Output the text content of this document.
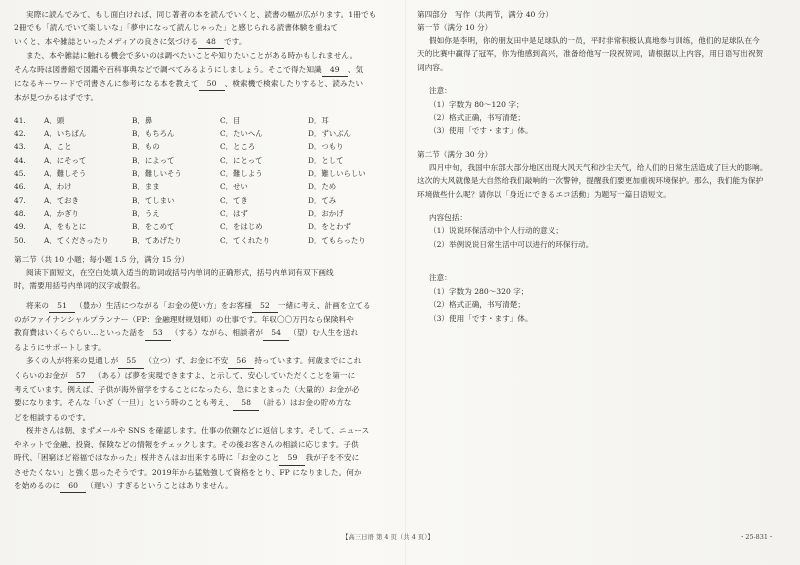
実際に読んでみて、もし面白ければ、同じ著者の本を読んでいくと、読書の幅が広がります。1冊でも

2冊でも「読んでいて楽しいな」「夢中になって読んじゃった」と感じられる読書体験を重ねて

いくと、本や雑誌といったメディアの良さに気づける 48 です。

また、本や雑誌に触れる機会で多いのは調べたいことや知りたいことがある時かもしれません。

そんな時は図書館で図鑑や百科事典などで調べてみるようにしましょう。そこで得た知識 49 、気

になるキーワードで司書さんに参考になる本を教えて 50 、検索機で検索したりすると、読みたい

本が見つかるはずです。

41.	A．頭	B．鼻	C．目	D．耳
42.	A．いちばん	B．もちろん	C．たいへん	D．ずいぶん
43.	A．こと	B．もの	C．ところ	D．つもり
44.	A．にそって	B．によって	C．にとって	D．として
45.	A．難しそう	B．難しいそう	C．難しよう	D．難しいらしい
46.	A．わけ	B．まま	C．せい	D．ため
47.	A．ておき	B．てしまい	C．てき	D．てみ
48.	A．かぎり	B．うえ	C．はず	D．おかげ
49.	A．をもとに	B．をこめて	C．をはじめ	D．をとわず
50.	A．てくださったり	B．てあげたり	C．てくれたり	D．てもらったり

第二节（共 10 小题；每小题 1.5 分，满分 15 分）

阅读下面短文，在空白处填入适当的助词或括号内单词的正确形式，括号内单词有双下画线

时，需要用括号内单词的汉字或假名。

将来の 51 （豊か）生活につながる「お金の使い方」をお客様 52 一緒に考え、計画を立てる

のがファイナンシャルプランナー（FP：金融理财规划师）の仕事です。年収〇〇万円なら保険料や

教育費はいくらぐらい…といった話を 53 （する）ながら、相談者が 54 （望）む人生を送れ

るようにサポートします。

多くの人が将来の見通しが 55 （立つ）ず、お金に不安 56 持っています。何歳までにこれ

くらいのお金が 57 （ある）ば夢を実現できますよ、と示して、安心していただくことを第一に

考えています。例えば、子供が海外留学をすることになったら、急にまとまった（大量的）お金が必

要になります。そんな「いざ（一旦）」という時のことも考え、 58 （計る）はお金の貯め方な

どを相談するのです。

桜井さんは朝、まずメールや SNS を確認します。仕事の依頼などに返信します。そして、ニュース

やネットで金融、投資、保険などの情報をチェックします。その後お客さんの相談に応じます。子供

時代、「困窮ほど裕福ではなかった」桜井さんはお出来する時に「お金のこと 59 我が子を不安に

させたくない」と強く思ったそうです。2019年から猛勉強して資格をとり、FP になりました。何か

を始めるのに 60 （遅い）すぎるということはありません。

第四部分　写作（共两节，满分 40 分）

第一节（满分 10 分）

假如你是李明，你的朋友田中是足球队的一员，平时非常积极认真地参与训练，他们的足球队在今

天的比赛中赢得了冠军，你为他感到高兴，准备给他写一段祝贺词，请根据以上内容，用日语写出祝贺

词内容。

注意：

（1）字数为 80～120 字；

（2）格式正确，书写清楚；

（3）使用「です・ます」体。

第二节（满分 30 分）

四月中旬，我国中东部大部分地区出现大风天气和沙尘天气，给人们的日常生活造成了巨大的影响。

这次的大风就像是大自然给我们敲响的一次警钟，提醒我们要更加重视环境保护。那么，我们能为保护

环境做些什么呢？请你以「身近にできるエコ活動」为题写一篇日语短文。

内容包括：

（1）说说环保活动中个人行动的意义；

（2）举例说说日常生活中可以进行的环保行动。

注意：

（1）字数为 280～320 字；

（2）格式正确，书写清楚；

（3）使用「です・ます」体。

【高三日语 第 4 页（共 4 页）】	・25-831・
